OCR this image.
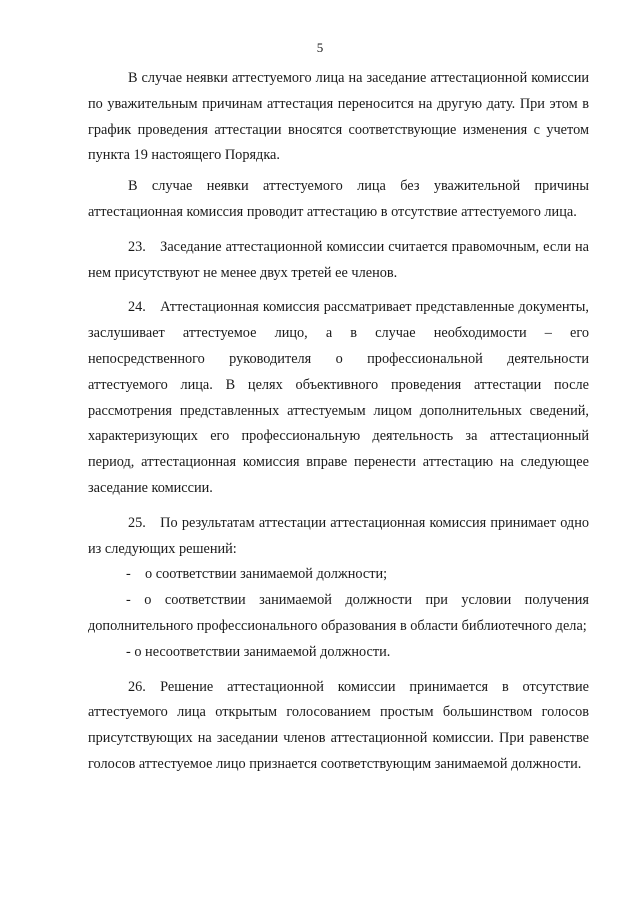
5

В случае неявки аттестуемого лица на заседание аттестационной комиссии по уважительным причинам аттестация переносится на другую дату. При этом в график проведения аттестации вносятся соответствующие изменения с учетом пункта 19 настоящего Порядка.

В случае неявки аттестуемого лица без уважительной причины аттестационная комиссия проводит аттестацию в отсутствие аттестуемого лица.

23. Заседание аттестационной комиссии считается правомочным, если на нем присутствуют не менее двух третей ее членов.

24. Аттестационная комиссия рассматривает представленные документы, заслушивает аттестуемое лицо, а в случае необходимости – его непосредственного руководителя о профессиональной деятельности аттестуемого лица. В целях объективного проведения аттестации после рассмотрения представленных аттестуемым лицом дополнительных сведений, характеризующих его профессиональную деятельность за аттестационный период, аттестационная комиссия вправе перенести аттестацию на следующее заседание комиссии.

25. По результатам аттестации аттестационная комиссия принимает одно из следующих решений:

- о соответствии занимаемой должности;

- о соответствии занимаемой должности при условии получения дополнительного профессионального образования в области библиотечного дела;

- о несоответствии занимаемой должности.

26. Решение аттестационной комиссии принимается в отсутствие аттестуемого лица открытым голосованием простым большинством голосов присутствующих на заседании членов аттестационной комиссии. При равенстве голосов аттестуемое лицо признается соответствующим занимаемой должности.
